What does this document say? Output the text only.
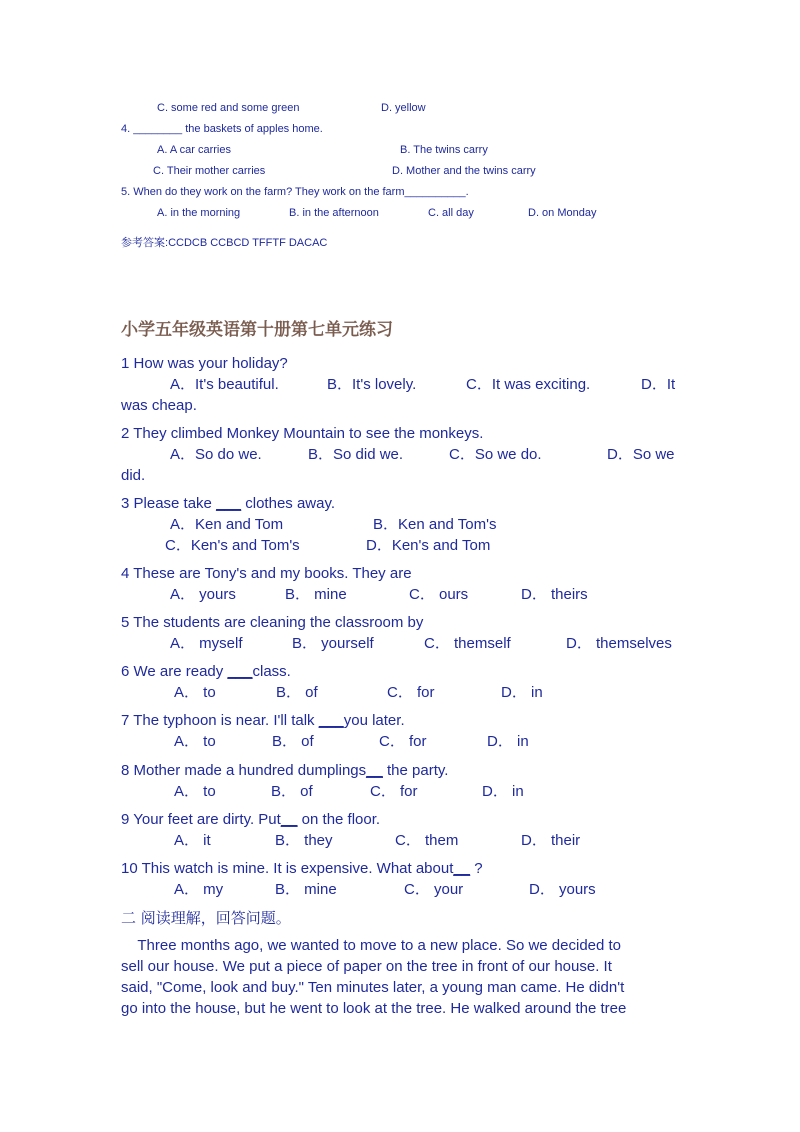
C. some red and some green	D. yellow
4. ________ the baskets of apples home.
A. A car carries	B. The twins carry
C. Their mother carries	D. Mother and the twins carry
5. When do they work on the farm? They work on the farm__________.
A. in the morning	B. in the afternoon	C. all day	D. on Monday
参考答案:CCDCB CCBCD TFFTF DACAC
小学五年级英语第十册第七单元练习
1 How was your holiday?
A．It's beautiful.	B．It's lovely.	C．It was exciting.	D．It
was cheap.
2 They climbed Monkey Mountain to see the monkeys.
A．So do we.	B．So did we.	C．So we do.	D．So we
did.
3 Please take ___ clothes away.
A．Ken and Tom	B．Ken and Tom's
C．Ken's and Tom's	D．Ken's and Tom
4 These are Tony's and my books. They are
A． yours	B． mine	C． ours	D． theirs
5 The students are cleaning the classroom by
A． myself	B． yourself	C． themself	D． themselves
6 We are ready ___class.
A． to	B． of	C． for	D． in
7 The typhoon is near. I'll talk ___you later.
A． to	B． of	C． for	D． in
8 Mother made a hundred dumplings__ the party.
A． to	B． of	C． for	D． in
9 Your feet are dirty. Put__ on the floor.
A． it	B． they	C． them	D． their
10 This watch is mine. It is expensive. What about__ ?
A． my	B． mine	C． your	D． yours
二 阅读理解，回答问题。
Three months ago, we wanted to move to a new place. So we decided to
sell our house. We put a piece of paper on the tree in front of our house. It
said, "Come, look and buy." Ten minutes later, a young man came. He didn't
go into the house, but he went to look at the tree. He walked around the tree
